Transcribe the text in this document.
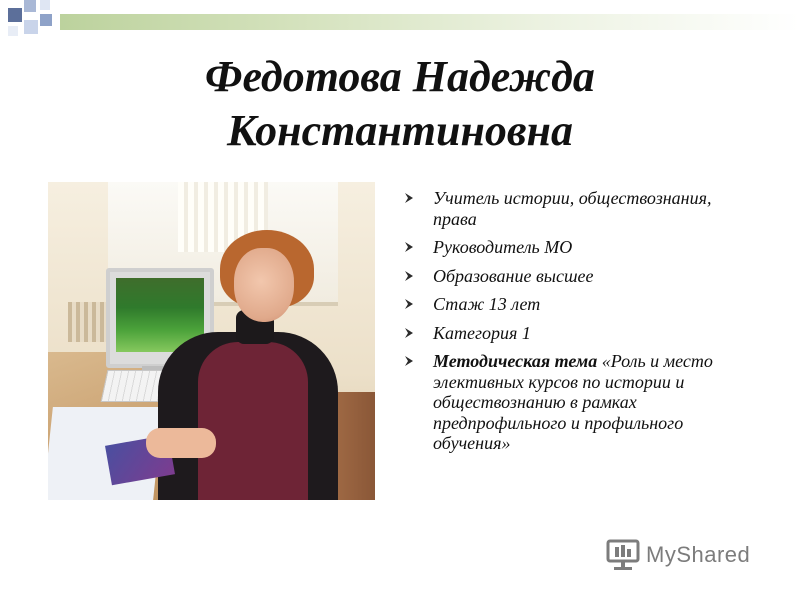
Федотова Надежда
Константиновна
Учитель истории, обществознания, права
Руководитель МО
Образование высшее
Стаж 13 лет
Категория 1
Методическая тема «Роль и место элективных курсов по истории и обществознанию в рамках предпрофильного и профильного обучения»
MyShared
